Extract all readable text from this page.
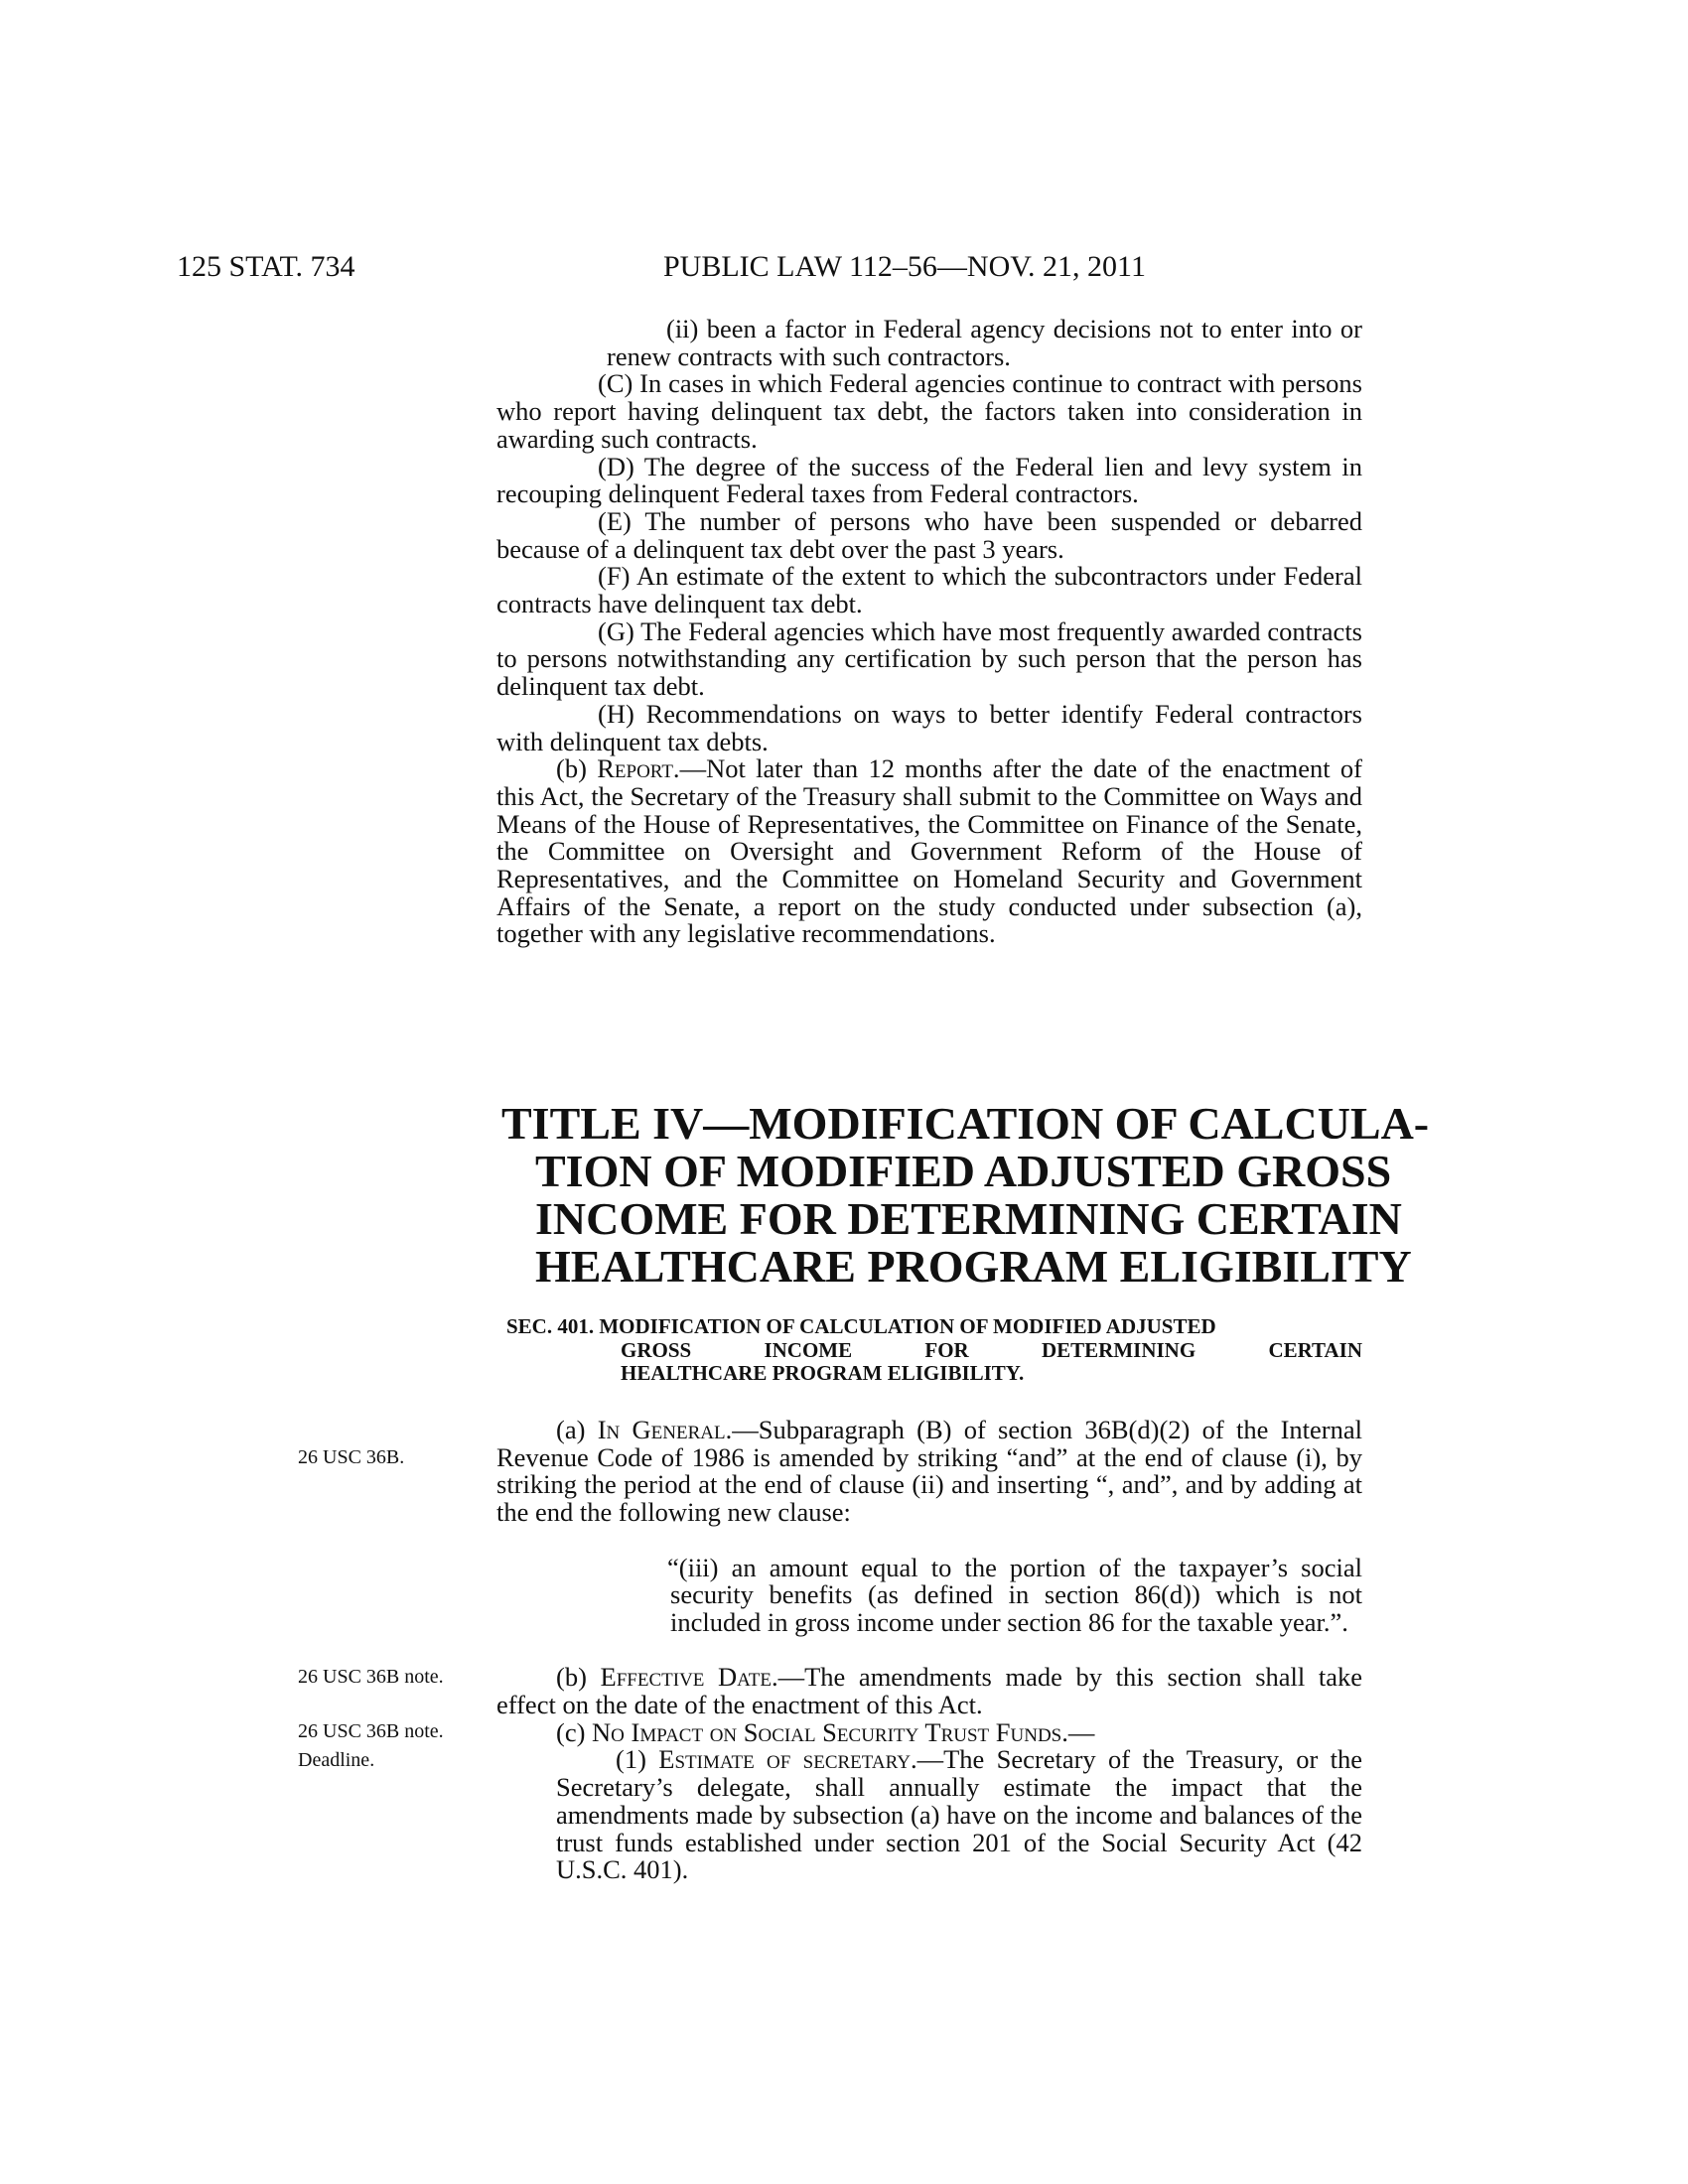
125 STAT. 734	PUBLIC LAW 112–56—NOV. 21, 2011

(ii) been a factor in Federal agency decisions not to enter into or renew contracts with such contractors.

(C) In cases in which Federal agencies continue to contract with persons who report having delinquent tax debt, the factors taken into consideration in awarding such contracts.

(D) The degree of the success of the Federal lien and levy system in recouping delinquent Federal taxes from Federal contractors.

(E) The number of persons who have been suspended or debarred because of a delinquent tax debt over the past 3 years.

(F) An estimate of the extent to which the subcontractors under Federal contracts have delinquent tax debt.

(G) The Federal agencies which have most frequently awarded contracts to persons notwithstanding any certification by such person that the person has delinquent tax debt.

(H) Recommendations on ways to better identify Federal contractors with delinquent tax debts.

(b) Report.—Not later than 12 months after the date of the enactment of this Act, the Secretary of the Treasury shall submit to the Committee on Ways and Means of the House of Representatives, the Committee on Finance of the Senate, the Committee on Oversight and Government Reform of the House of Representatives, and the Committee on Homeland Security and Government Affairs of the Senate, a report on the study conducted under subsection (a), together with any legislative recommendations.

TITLE IV—MODIFICATION OF CALCULA-
TION OF MODIFIED ADJUSTED GROSS
INCOME FOR DETERMINING CERTAIN
HEALTHCARE PROGRAM ELIGIBILITY
SEC. 401. MODIFICATION OF CALCULATION OF MODIFIED ADJUSTED
GROSS INCOME FOR DETERMINING CERTAIN
HEALTHCARE PROGRAM ELIGIBILITY.

(a) In General.—Subparagraph (B) of section 36B(d)(2) of the Internal Revenue Code of 1986 is amended by striking “and” at the end of clause (i), by striking the period at the end of clause (ii) and inserting “, and”, and by adding at the end the following new clause:

“(iii) an amount equal to the portion of the taxpayer’s social security benefits (as defined in section 86(d)) which is not included in gross income under section 86 for the taxable year.”.

(b) Effective Date.—The amendments made by this section shall take effect on the date of the enactment of this Act.

(c) No Impact on Social Security Trust Funds.—

(1) Estimate of secretary.—The Secretary of the Treasury, or the Secretary’s delegate, shall annually estimate the impact that the amendments made by subsection (a) have on the income and balances of the trust funds established under section 201 of the Social Security Act (42 U.S.C. 401).

26 USC 36B.
26 USC 36B note.
26 USC 36B note.
Deadline.
